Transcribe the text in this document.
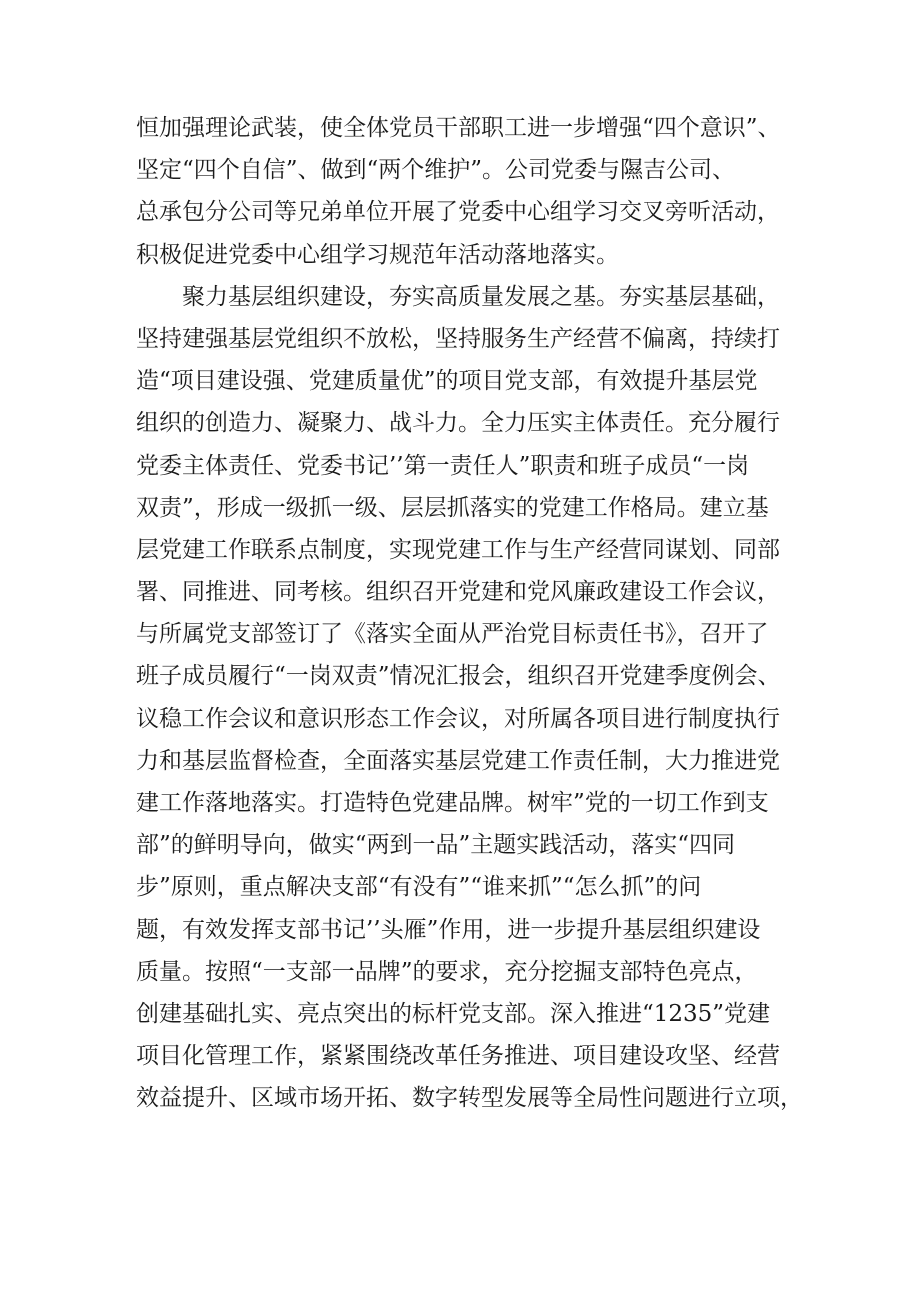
恒加强理论武装，使全体党员干部职工进一步增强“四个意识”、
坚定“四个自信”、做到“两个维护”。公司党委与隰吉公司、
总承包分公司等兄弟单位开展了党委中心组学习交叉旁听活动，
积极促进党委中心组学习规范年活动落地落实。
聚力基层组织建设，夯实高质量发展之基。夯实基层基础，
坚持建强基层党组织不放松，坚持服务生产经营不偏离，持续打
造“项目建设强、党建质量优”的项目党支部，有效提升基层党
组织的创造力、凝聚力、战斗力。全力压实主体责任。充分履行
党委主体责任、党委书记’’第一责任人”职责和班子成员“一岗
双责”，形成一级抓一级、层层抓落实的党建工作格局。建立基
层党建工作联系点制度，实现党建工作与生产经营同谋划、同部
署、同推进、同考核。组织召开党建和党风廉政建设工作会议，
与所属党支部签订了《落实全面从严治党目标责任书》，召开了
班子成员履行“一岗双责”情况汇报会，组织召开党建季度例会、
议稳工作会议和意识形态工作会议，对所属各项目进行制度执行
力和基层监督检查，全面落实基层党建工作责任制，大力推进党
建工作落地落实。打造特色党建品牌。树牢”党的一切工作到支
部”的鲜明导向，做实“两到一品”主题实践活动，落实“四同
步”原则，重点解决支部“有没有”“谁来抓”“怎么抓”的问
题，有效发挥支部书记’’头雁”作用，进一步提升基层组织建设
质量。按照“一支部一品牌”的要求，充分挖掘支部特色亮点，
创建基础扎实、亮点突出的标杆党支部。深入推进“1235”党建
项目化管理工作，紧紧围绕改革任务推进、项目建设攻坚、经营
效益提升、区域市场开拓、数字转型发展等全局性问题进行立项，
